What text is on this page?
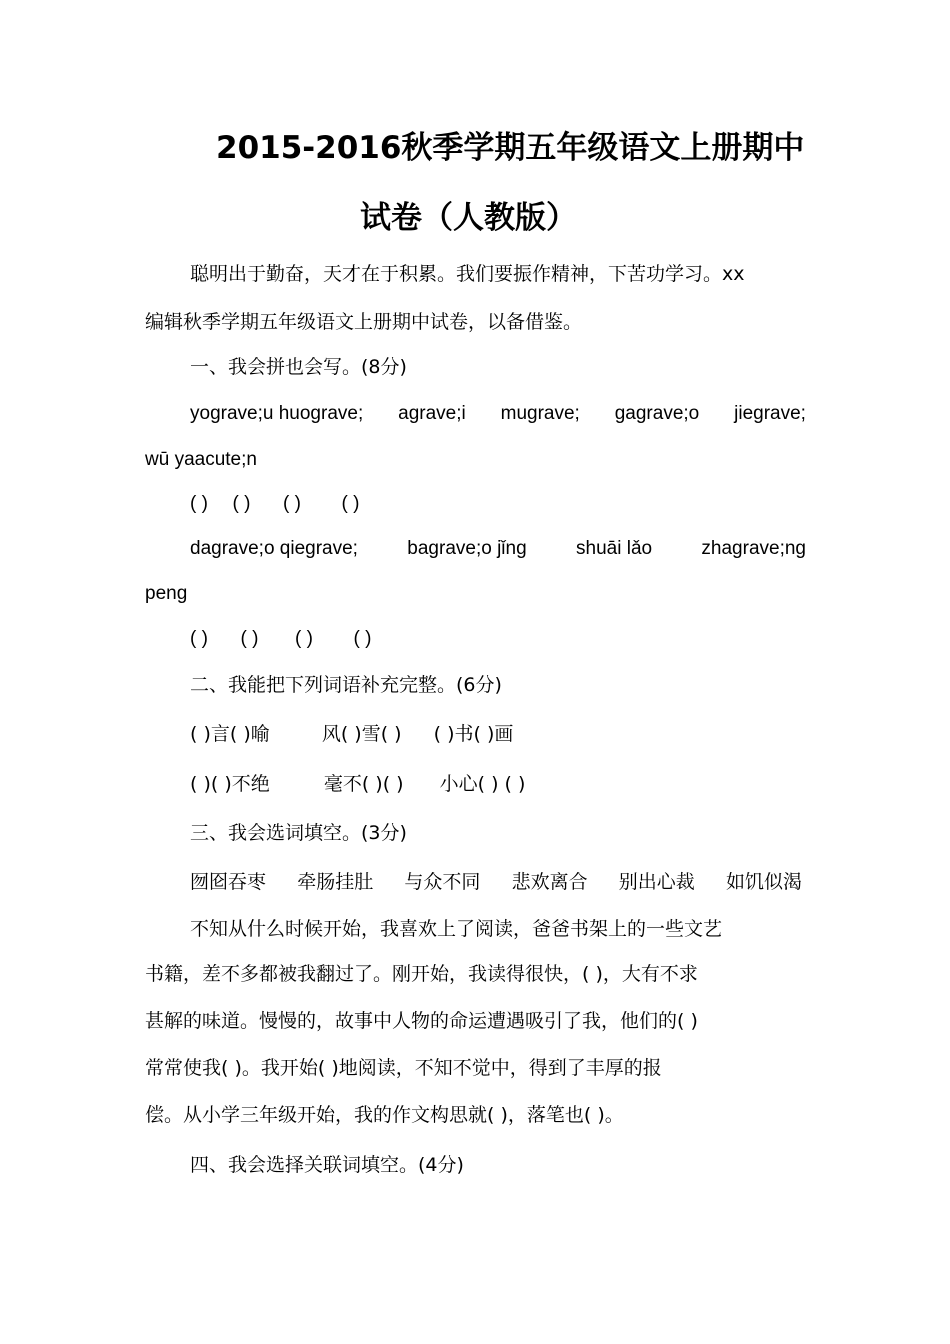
2015-2016秋季学期五年级语文上册期中
试卷（人教版）
聪明出于勤奋，天才在于积累。我们要振作精神，下苦功学习。xx
编辑秋季学期五年级语文上册期中试卷，以备借鉴。
一、我会拼也会写。(8分)
yograve;u huograve; agrave;i mugrave; gagrave;o jiegrave;
wū yaacute;n
( ) ( ) ( ) ( )
dagrave;o qiegrave;	bagrave;o jǐng	shuāi lǎo	zhagrave;ng
peng
( ) ( ) ( ) ( )
二、我能把下列词语补充完整。(6分)
( )言( )喻	风( )雪( ) ( )书( )画
( )( )不绝	毫不( )( ) 小心( ) ( )
三、我会选词填空。(3分)
囫囵吞枣 牵肠挂肚 与众不同 悲欢离合 别出心裁 如饥似渴
不知从什么时候开始，我喜欢上了阅读，爸爸书架上的一些文艺
书籍，差不多都被我翻过了。刚开始，我读得很快，( )，大有不求
甚解的味道。慢慢的，故事中人物的命运遭遇吸引了我，他们的( )
常常使我( )。我开始( )地阅读，不知不觉中，得到了丰厚的报
偿。从小学三年级开始，我的作文构思就( )，落笔也( )。
四、我会选择关联词填空。(4分)
